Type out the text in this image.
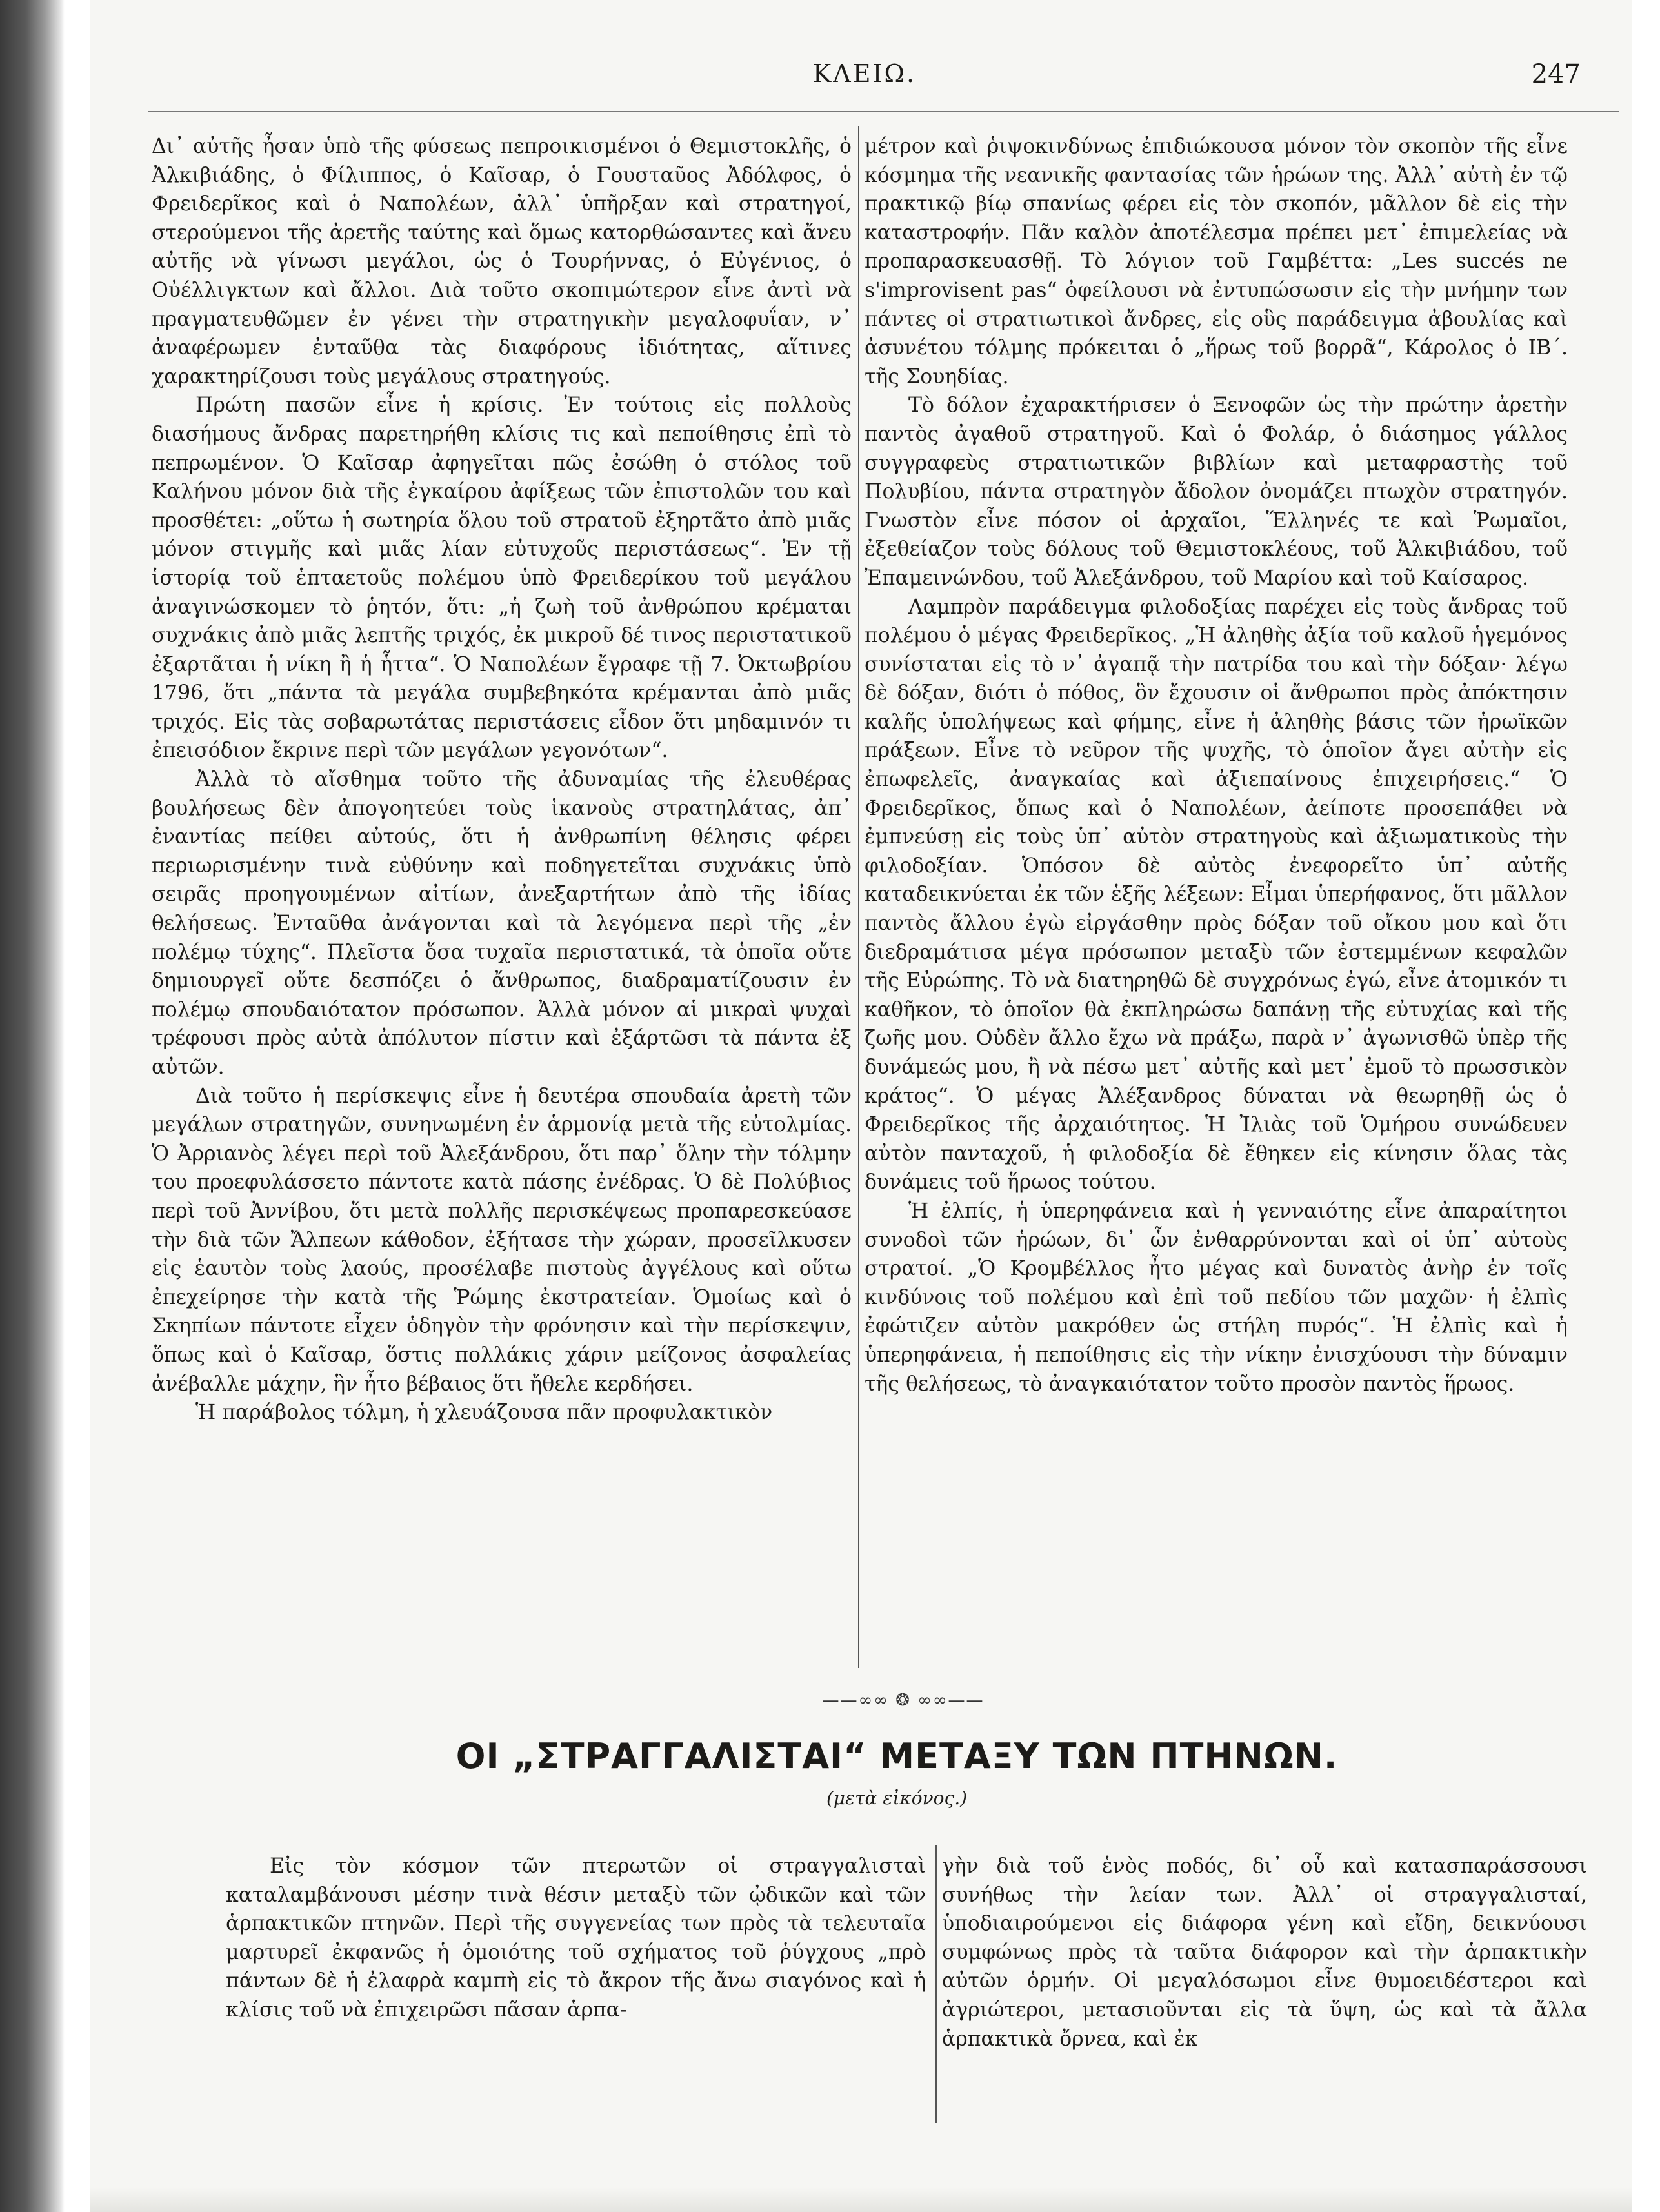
ΚΛΕΙΩ.	247

Δι᾽ αὐτῆς ἦσαν ὑπὸ τῆς φύσεως πεπροικισμένοι ὁ Θεμιστοκλῆς, ὁ Ἀλκιβιάδης, ὁ Φίλιππος, ὁ Καῖσαρ, ὁ Γουσταῦος Ἀδόλφος, ὁ Φρειδερῖκος καὶ ὁ Ναπολέων, ἀλλ᾽ ὑπῆρξαν καὶ στρατηγοί, στερούμενοι τῆς ἀρετῆς ταύτης καὶ ὅμως κατορθώσαντες καὶ ἄνευ αὐτῆς νὰ γίνωσι μεγάλοι, ὡς ὁ Τουρήννας, ὁ Εὐγένιος, ὁ Οὐέλλιγκτων καὶ ἄλλοι. Διὰ τοῦτο σκοπιμώτερον εἶνε ἀντὶ νὰ πραγματευθῶμεν ἐν γένει τὴν στρατηγικὴν μεγαλοφυΐαν, ν᾽ ἀναφέρωμεν ἐνταῦθα τὰς διαφόρους ἰδιότητας, αἵτινες χαρακτηρίζουσι τοὺς μεγάλους στρατηγούς.

Πρώτη πασῶν εἶνε ἡ κρίσις. Ἐν τούτοις εἰς πολλοὺς διασήμους ἄνδρας παρετηρήθη κλίσις τις καὶ πεποίθησις ἐπὶ τὸ πεπρωμένον. Ὁ Καῖσαρ ἀφηγεῖται πῶς ἐσώθη ὁ στόλος τοῦ Καλήνου μόνον διὰ τῆς ἐγκαίρου ἀφίξεως τῶν ἐπιστολῶν του καὶ προσθέτει: „οὕτω ἡ σωτηρία ὅλου τοῦ στρατοῦ ἐξηρτᾶτο ἀπὸ μιᾶς μόνον στιγμῆς καὶ μιᾶς λίαν εὐτυχοῦς περιστάσεως“. Ἐν τῇ ἱστορίᾳ τοῦ ἑπταετοῦς πολέμου ὑπὸ Φρειδερίκου τοῦ μεγάλου ἀναγινώσκομεν τὸ ῥητόν, ὅτι: „ἡ ζωὴ τοῦ ἀνθρώπου κρέμαται συχνάκις ἀπὸ μιᾶς λεπτῆς τριχός, ἐκ μικροῦ δέ τινος περιστατικοῦ ἐξαρτᾶται ἡ νίκη ἢ ἡ ἧττα“. Ὁ Ναπολέων ἔγραφε τῇ 7. Ὀκτωβρίου 1796, ὅτι „πάντα τὰ μεγάλα συμβεβηκότα κρέμανται ἀπὸ μιᾶς τριχός. Εἰς τὰς σοβαρωτάτας περιστάσεις εἶδον ὅτι μηδαμινόν τι ἐπεισόδιον ἔκρινε περὶ τῶν μεγάλων γεγονότων“.

Ἀλλὰ τὸ αἴσθημα τοῦτο τῆς ἀδυναμίας τῆς ἐλευθέρας βουλήσεως δὲν ἀπογοητεύει τοὺς ἱκανοὺς στρατηλάτας, ἀπ᾽ ἐναντίας πείθει αὐτούς, ὅτι ἡ ἀνθρωπίνη θέλησις φέρει περιωρισμένην τινὰ εὐθύνην καὶ ποδηγετεῖται συχνάκις ὑπὸ σειρᾶς προηγουμένων αἰτίων, ἀνεξαρτήτων ἀπὸ τῆς ἰδίας θελήσεως. Ἐνταῦθα ἀνάγονται καὶ τὰ λεγόμενα περὶ τῆς „ἐν πολέμῳ τύχης“. Πλεῖστα ὅσα τυχαῖα περιστατικά, τὰ ὁποῖα οὔτε δημιουργεῖ οὔτε δεσπόζει ὁ ἄνθρωπος, διαδραματίζουσιν ἐν πολέμῳ σπουδαιότατον πρόσωπον. Ἀλλὰ μόνον αἱ μικραὶ ψυχαὶ τρέφουσι πρὸς αὐτὰ ἀπόλυτον πίστιν καὶ ἐξάρτῶσι τὰ πάντα ἐξ αὐτῶν.

Διὰ τοῦτο ἡ περίσκεψις εἶνε ἡ δευτέρα σπουδαία ἀρετὴ τῶν μεγάλων στρατηγῶν, συνηνωμένη ἐν ἁρμονίᾳ μετὰ τῆς εὐτολμίας. Ὁ Ἀρριανὸς λέγει περὶ τοῦ Ἀλεξάνδρου, ὅτι παρ᾽ ὅλην τὴν τόλμην του προεφυλάσσετο πάντοτε κατὰ πάσης ἐνέδρας. Ὁ δὲ Πολύβιος περὶ τοῦ Ἀννίβου, ὅτι μετὰ πολλῆς περισκέψεως προπαρεσκεύασε τὴν διὰ τῶν Ἄλπεων κάθοδον, ἐξήτασε τὴν χώραν, προσεῖλκυσεν εἰς ἑαυτὸν τοὺς λαούς, προσέλαβε πιστοὺς ἀγγέλους καὶ οὕτω ἐπεχείρησε τὴν κατὰ τῆς Ῥώμης ἐκστρατείαν. Ὁμοίως καὶ ὁ Σκηπίων πάντοτε εἶχεν ὁδηγὸν τὴν φρόνησιν καὶ τὴν περίσκεψιν, ὅπως καὶ ὁ Καῖσαρ, ὅστις πολλάκις χάριν μείζονος ἀσφαλείας ἀνέβαλλε μάχην, ἣν ἦτο βέβαιος ὅτι ἤθελε κερδήσει.

Ἡ παράβολος τόλμη, ἡ χλευάζουσα πᾶν προφυλακτικὸν

μέτρον καὶ ῥιψοκινδύνως ἐπιδιώκουσα μόνον τὸν σκοπὸν τῆς εἶνε κόσμημα τῆς νεανικῆς φαντασίας τῶν ἡρώων της. Ἀλλ᾽ αὐτὴ ἐν τῷ πρακτικῷ βίῳ σπανίως φέρει εἰς τὸν σκοπόν, μᾶλλον δὲ εἰς τὴν καταστροφήν. Πᾶν καλὸν ἀποτέλεσμα πρέπει μετ᾽ ἐπιμελείας νὰ προπαρασκευασθῇ. Τὸ λόγιον τοῦ Γαμβέττα: „Les succés ne s'improvisent pas“ ὀφείλουσι νὰ ἐντυπώσωσιν εἰς τὴν μνήμην των πάντες οἱ στρατιωτικοὶ ἄνδρες, εἰς οὓς παράδειγμα ἀβουλίας καὶ ἀσυνέτου τόλμης πρόκειται ὁ „ἥρως τοῦ βορρᾶ“, Κάρολος ὁ ΙΒ΄. τῆς Σουηδίας.

Τὸ δόλον ἐχαρακτήρισεν ὁ Ξενοφῶν ὡς τὴν πρώτην ἀρετὴν παντὸς ἀγαθοῦ στρατηγοῦ. Καὶ ὁ Φολάρ, ὁ διάσημος γάλλος συγγραφεὺς στρατιωτικῶν βιβλίων καὶ μεταφραστὴς τοῦ Πολυβίου, πάντα στρατηγὸν ἄδολον ὀνομάζει πτωχὸν στρατηγόν. Γνωστὸν εἶνε πόσον οἱ ἀρχαῖοι, Ἕλληνές τε καὶ Ῥωμαῖοι, ἐξεθείαζον τοὺς δόλους τοῦ Θεμιστοκλέους, τοῦ Ἀλκιβιάδου, τοῦ Ἐπαμεινώνδου, τοῦ Ἀλεξάνδρου, τοῦ Μαρίου καὶ τοῦ Καίσαρος.

Λαμπρὸν παράδειγμα φιλοδοξίας παρέχει εἰς τοὺς ἄνδρας τοῦ πολέμου ὁ μέγας Φρειδερῖκος. „Ἡ ἀληθὴς ἀξία τοῦ καλοῦ ἡγεμόνος συνίσταται εἰς τὸ ν᾽ ἀγαπᾷ τὴν πατρίδα του καὶ τὴν δόξαν· λέγω δὲ δόξαν, διότι ὁ πόθος, ὃν ἔχουσιν οἱ ἄνθρωποι πρὸς ἀπόκτησιν καλῆς ὑπολήψεως καὶ φήμης, εἶνε ἡ ἀληθὴς βάσις τῶν ἡρωϊκῶν πράξεων. Εἶνε τὸ νεῦρον τῆς ψυχῆς, τὸ ὁποῖον ἄγει αὐτὴν εἰς ἐπωφελεῖς, ἀναγκαίας καὶ ἀξιεπαίνους ἐπιχειρήσεις.“ Ὁ Φρειδερῖκος, ὅπως καὶ ὁ Ναπολέων, ἀείποτε προσεπάθει νὰ ἐμπνεύσῃ εἰς τοὺς ὑπ᾽ αὐτὸν στρατηγοὺς καὶ ἀξιωματικοὺς τὴν φιλοδοξίαν. Ὁπόσον δὲ αὐτὸς ἐνεφορεῖτο ὑπ᾽ αὐτῆς καταδεικνύεται ἐκ τῶν ἑξῆς λέξεων: Εἶμαι ὑπερήφανος, ὅτι μᾶλλον παντὸς ἄλλου ἐγὼ εἰργάσθην πρὸς δόξαν τοῦ οἴκου μου καὶ ὅτι διεδραμάτισα μέγα πρόσωπον μεταξὺ τῶν ἐστεμμένων κεφαλῶν τῆς Εὐρώπης. Τὸ νὰ διατηρηθῶ δὲ συγχρόνως ἐγώ, εἶνε ἀτομικόν τι καθῆκον, τὸ ὁποῖον θὰ ἐκπληρώσω δαπάνῃ τῆς εὐτυχίας καὶ τῆς ζωῆς μου. Οὐδὲν ἄλλο ἔχω νὰ πράξω, παρὰ ν᾽ ἀγωνισθῶ ὑπὲρ τῆς δυνάμεώς μου, ἢ νὰ πέσω μετ᾽ αὐτῆς καὶ μετ᾽ ἐμοῦ τὸ πρωσσικὸν κράτος“. Ὁ μέγας Ἀλέξανδρος δύναται νὰ θεωρηθῇ ὡς ὁ Φρειδερῖκος τῆς ἀρχαιότητος. Ἡ Ἰλιὰς τοῦ Ὁμήρου συνώδευεν αὐτὸν πανταχοῦ, ἡ φιλοδοξία δὲ ἔθηκεν εἰς κίνησιν ὅλας τὰς δυνάμεις τοῦ ἥρωος τούτου.

Ἡ ἐλπίς, ἡ ὑπερηφάνεια καὶ ἡ γενναιότης εἶνε ἀπαραίτητοι συνοδοὶ τῶν ἡρώων, δι᾽ ὧν ἐνθαρρύνονται καὶ οἱ ὑπ᾽ αὐτοὺς στρατοί. „Ὁ Κρομβέλλος ἦτο μέγας καὶ δυνατὸς ἀνὴρ ἐν τοῖς κινδύνοις τοῦ πολέμου καὶ ἐπὶ τοῦ πεδίου τῶν μαχῶν· ἡ ἐλπὶς ἐφώτιζεν αὐτὸν μακρόθεν ὡς στήλη πυρός“. Ἡ ἐλπὶς καὶ ἡ ὑπερηφάνεια, ἡ πεποίθησις εἰς τὴν νίκην ἐνισχύουσι τὴν δύναμιν τῆς θελήσεως, τὸ ἀναγκαιότατον τοῦτο προσὸν παντὸς ἥρωος.

——∞∞ ❂ ∞∞——
ΟΙ „ΣΤΡΑΓΓΑΛΙΣΤΑΙ“ ΜΕΤΑΞΥ ΤΩΝ ΠΤΗΝΩΝ.
(μετὰ εἰκόνος.)

Εἰς τὸν κόσμον τῶν πτερωτῶν οἱ στραγγαλισταὶ καταλαμβάνουσι μέσην τινὰ θέσιν μεταξὺ τῶν ᾠδικῶν καὶ τῶν ἁρπακτικῶν πτηνῶν. Περὶ τῆς συγγενείας των πρὸς τὰ τελευταῖα μαρτυρεῖ ἐκφανῶς ἡ ὁμοιότης τοῦ σχήματος τοῦ ῥύγχους „πρὸ πάντων δὲ ἡ ἐλαφρὰ καμπὴ εἰς τὸ ἄκρον τῆς ἄνω σιαγόνος καὶ ἡ κλίσις τοῦ νὰ ἐπιχειρῶσι πᾶσαν ἁρπα-

γὴν διὰ τοῦ ἑνὸς ποδός, δι᾽ οὗ καὶ κατασπαράσσουσι συνήθως τὴν λείαν των. Ἀλλ᾽ οἱ στραγγαλισταί, ὑποδιαιρούμενοι εἰς διάφορα γένη καὶ εἴδη, δεικνύουσι συμφώνως πρὸς τὰ ταῦτα διάφορον καὶ τὴν ἁρπακτικὴν αὐτῶν ὁρμήν. Οἱ μεγαλόσωμοι εἶνε θυμοειδέστεροι καὶ ἀγριώτεροι, μετασιοῦνται εἰς τὰ ὕψη, ὡς καὶ τὰ ἄλλα ἁρπακτικὰ ὄρνεα, καὶ ἐκ
